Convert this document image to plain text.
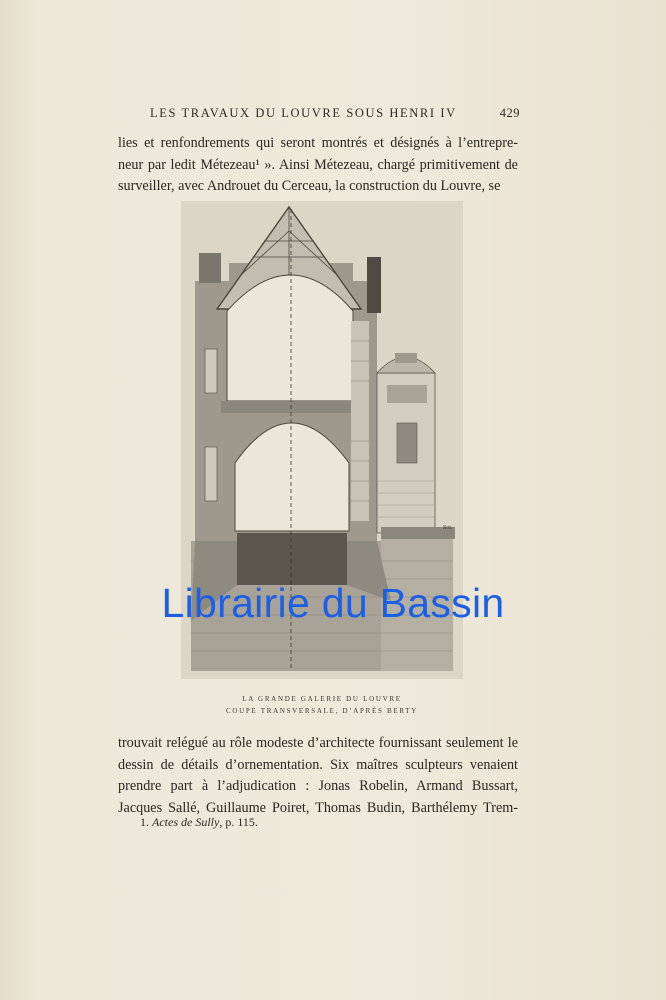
LES TRAVAUX DU LOUVRE SOUS HENRI IV	429
lies et renfondrements qui seront montrés et désignés à l’entrepre-
neur par ledit Métezeau¹ ». Ainsi Métezeau, chargé primitivement de
surveiller, avec Androuet du Cerceau, la construction du Louvre, se
Sot.
LA GRANDE GALERIE DU LOUVRE
COUPE TRANSVERSALE, D’APRÈS BERTY
trouvait relégué au rôle modeste d’architecte fournissant seulement le
dessin de détails d’ornementation. Six maîtres sculpteurs venaient
prendre part à l’adjudication : Jonas Robelin, Armand Bussart,
Jacques Sallé, Guillaume Poiret, Thomas Budin, Barthélemy Trem-
1. Actes de Sully, p. 115.
Librairie du Bassin
